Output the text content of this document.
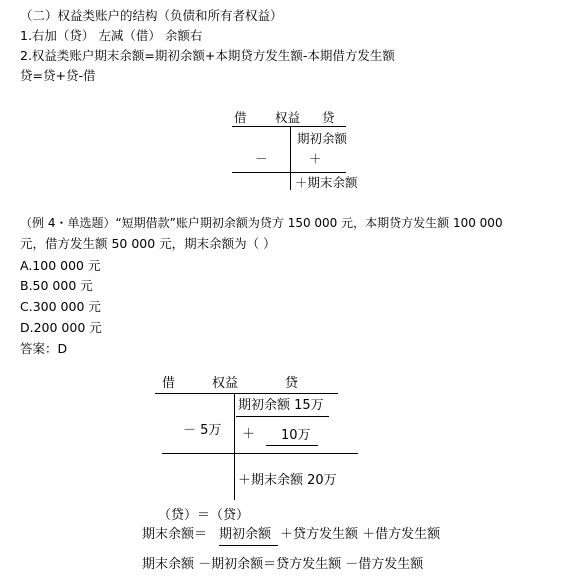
（二）权益类账户的结构（负债和所有者权益）
1.右加（贷） 左减（借） 余额右
2.权益类账户期末余额=期初余额+本期贷方发生额-本期借方发生额
贷=贷+贷-借
借 权益 贷
期初余额
＋
－
＋期末余额
（例 4・单选题）“短期借款”账户期初余额为贷方 150 000 元，本期贷方发生额 100 000
元，借方发生额 50 000 元，期末余额为（ ）
A.100 000 元
B.50 000 元
C.300 000 元
D.200 000 元
答案：D
借	权益	贷
期初余额 15万
＋ 10万
－ 5万
＋期末余额 20万
（贷）＝（贷）
期末余额＝ 期初余额 ＋贷方发生额 ＋借方发生额
期末余额 －期初余额＝贷方发生额 －借方发生额
